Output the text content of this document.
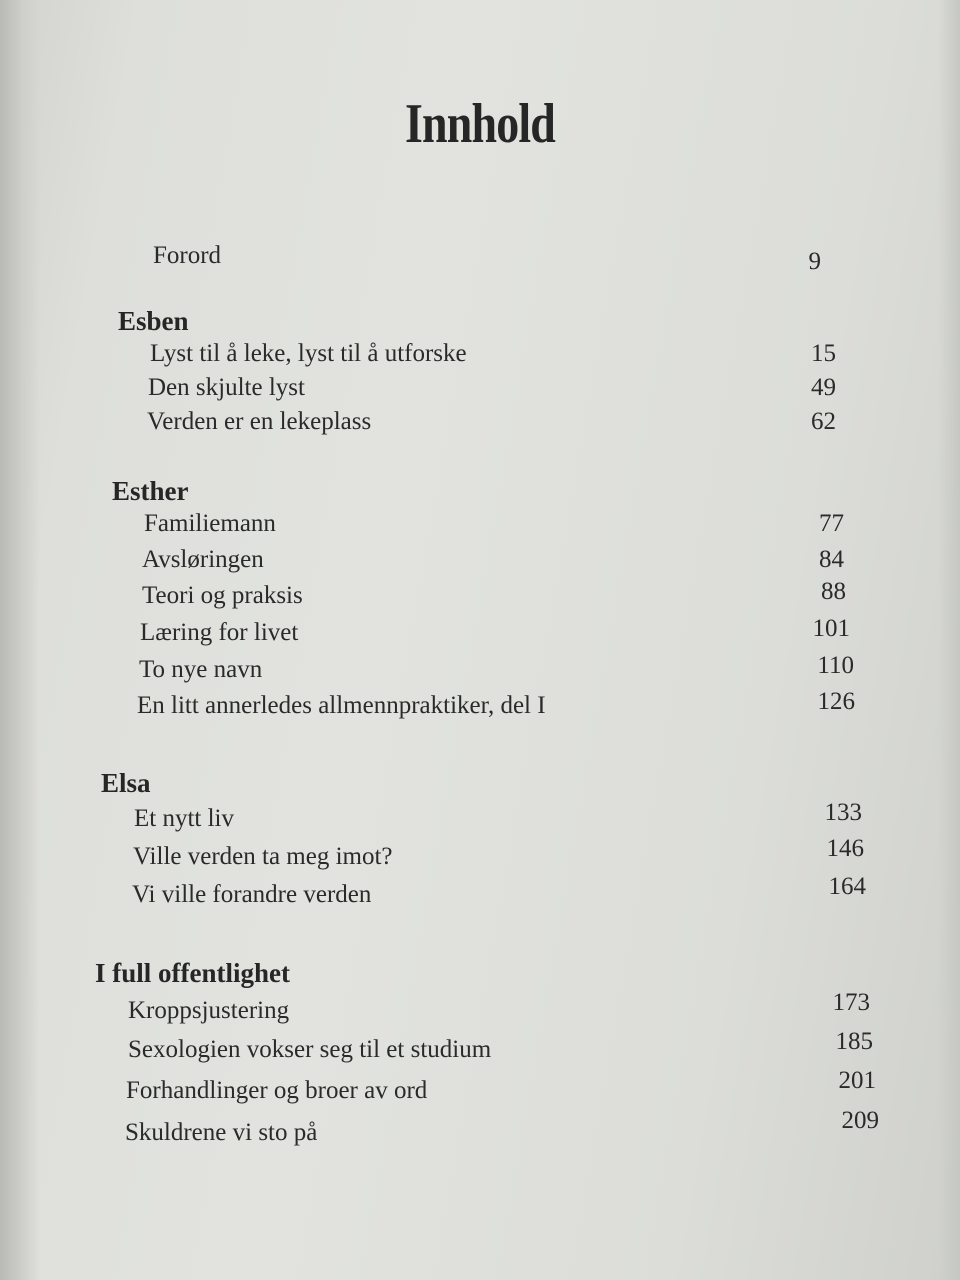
Innhold
Forord	9
Esben
Lyst til å leke, lyst til å utforske	15
Den skjulte lyst	49
Verden er en lekeplass	62
Esther
Familiemann	77
Avsløringen	84
Teori og praksis	88
Læring for livet	101
To nye navn	110
En litt annerledes allmennpraktiker, del I	126
Elsa
Et nytt liv	133
Ville verden ta meg imot?	146
Vi ville forandre verden	164
I full offentlighet
Kroppsjustering	173
Sexologien vokser seg til et studium	185
Forhandlinger og broer av ord	201
Skuldrene vi sto på	209
